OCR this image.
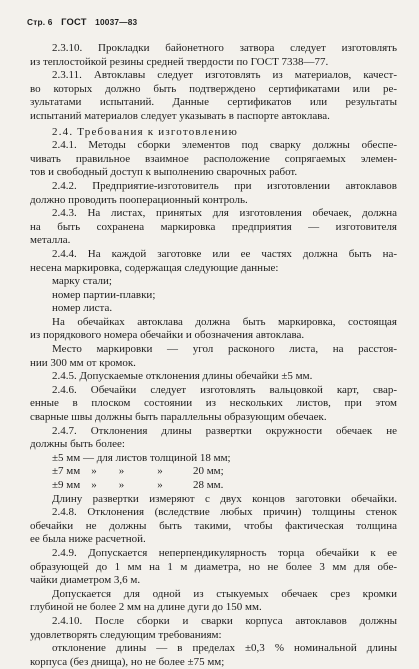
Стр. 6 ГОСТ 10037—83

2.3.10. Прокладки байонетного затвора следует изготовлять

из теплостойкой резины средней твердости по ГОСТ 7338—77.

2.3.11. Автоклавы следует изготовлять из материалов, качест-

во которых должно быть подтверждено сертификатами или ре-

зультатами испытаний. Данные сертификатов или результаты

испытаний материалов следует указывать в паспорте автоклава.

2.4. Требования к изготовлению

2.4.1. Методы сборки элементов под сварку должны обеспе-

чивать правильное взаимное расположение сопрягаемых элемен-

тов и свободный доступ к выполнению сварочных работ.

2.4.2. Предприятие-изготовитель при изготовлении автоклавов

должно проводить пооперационный контроль.

2.4.3. На листах, принятых для изготовления обечаек, должна

на быть сохранена маркировка предприятия — изготовителя

металла.

2.4.4. На каждой заготовке или ее частях должна быть на-

несена маркировка, содержащая следующие данные:

марку стали;

номер партии-плавки;

номер листа.

На обечайках автоклава должна быть маркировка, состоящая

из порядкового номера обечайки и обозначения автоклава.

Место маркировки — угол расконого листа, на расстоя-

нии 300 мм от кромок.

2.4.5. Допускаемые отклонения длины обечайки ±5 мм.

2.4.6. Обечайки следует изготовлять вальцовкой карт, свар-

енные в плоском состоянии из нескольких листов, при этом

сварные швы должны быть параллельны образующим обечаек.

2.4.7. Отклонения длины развертки окружности обечаек не

должны быть более:

±5 мм — для листов толщиной 18 мм;

±7 мм    »        »            »           20 мм;

±9 мм    »        »            »           28 мм.

Длину развертки измеряют с двух концов заготовки обечайки.

2.4.8. Отклонения (вследствие любых причин) толщины стенок

обечайки не должны быть такими, чтобы фактическая толщина

ее была ниже расчетной.

2.4.9. Допускается неперпендикулярность торца обечайки к ее

образующей до 1 мм на 1 м диаметра, но не более 3 мм для обе-

чайки диаметром 3,6 м.

Допускается для одной из стыкуемых обечаек срез кромки

глубиной не более 2 мм на длине дуги до 150 мм.

2.4.10. После сборки и сварки корпуса автоклавов должны

удовлетворять следующим требованиям:

отклонение длины — в пределах ±0,3 % номинальной длины

корпуса (без днища), но не более ±75 мм;
